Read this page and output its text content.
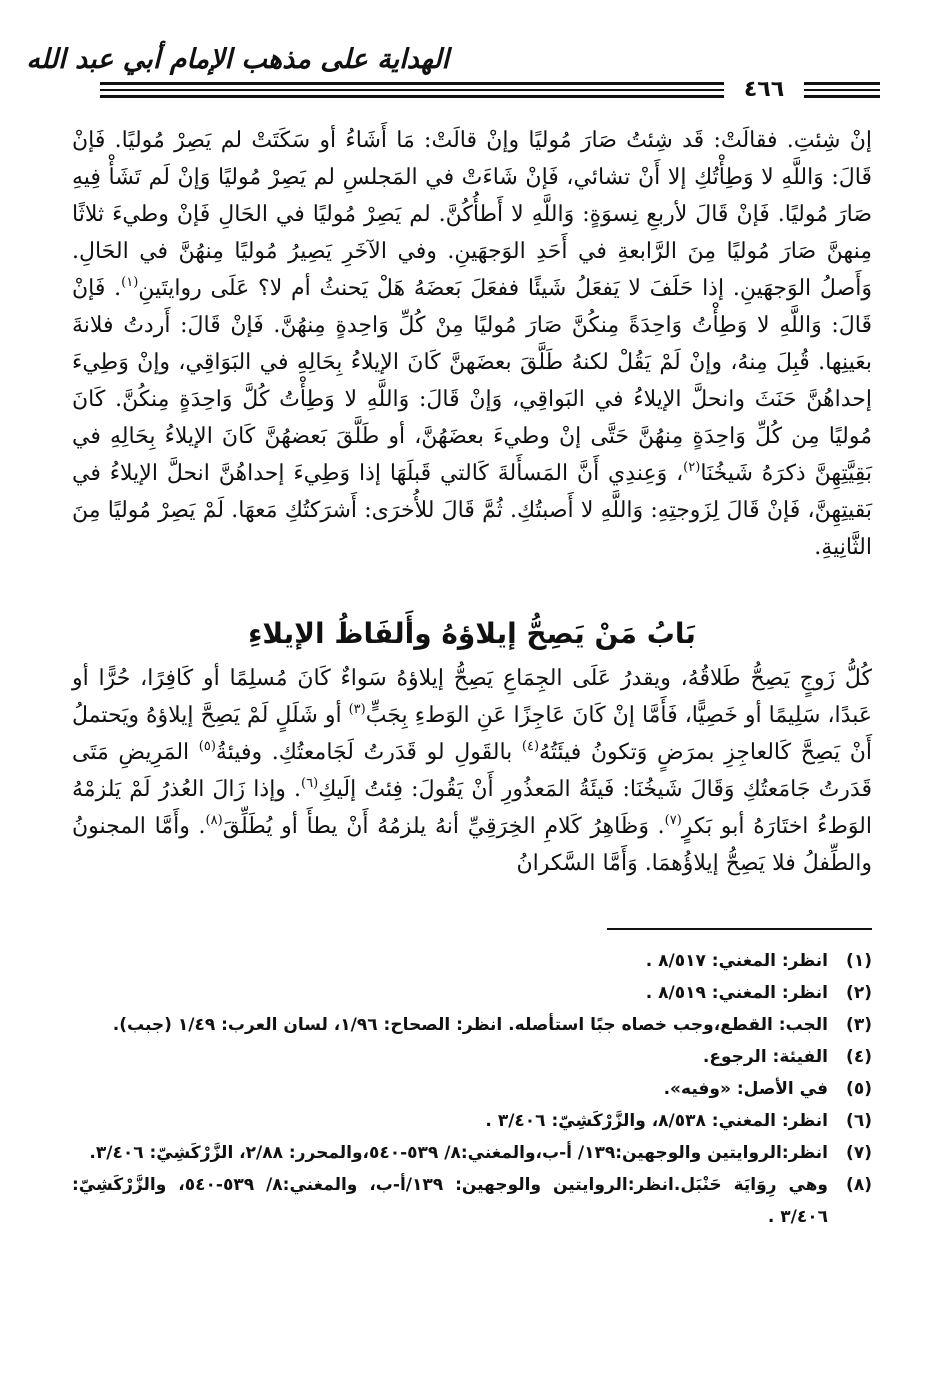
الهداية على مذهب الإمام أبي عبد الله
٤٦٦

إنْ شِئتِ. فقالَتْ: قَد شِئتُ صَارَ مُوليًا وإنْ قالَتْ: مَا أَشَاءُ أو سَكَتَتْ لم يَصِرْ مُوليًا. فَإنْ قَالَ: وَاللَّهِ لا وَطِأْتُكِ إلا أَنْ تشائي، فَإنْ شَاءَتْ في المَجلسِ لم يَصِرْ مُوليًا وَإنْ لَم تَشَأْ فِيهِ صَارَ مُوليًا. فَإنْ قَالَ لأربعِ نِسوَةٍ: وَاللَّهِ لا أَطأُكُنَّ. لم يَصِرْ مُوليًا في الحَالِ فَإنْ وطيءَ ثلاثًا مِنهنَّ صَارَ مُوليًا مِنَ الرَّابعةِ في أَحَدِ الوَجهَينِ. وفي الآخَرِ يَصِيرُ مُوليًا مِنهُنَّ في الحَالِ. وَأَصلُ الوَجهَينِ. إذا حَلَفَ لا يَفعَلُ شَيئًا ففعَلَ بَعضَهُ هَلْ يَحنثُ أم لا؟ عَلَى روايتَينِ$^{(١)}$. فَإنْ قَالَ: وَاللَّهِ لا وَطِأْتُ وَاحِدَةً مِنكُنَّ صَارَ مُوليًا مِنْ كُلِّ وَاحِدةٍ مِنهُنَّ. فَإنْ قَالَ: أَردتُ فلانةَ بعَينِها. قُبِلَ مِنهُ، وإنْ لَمْ يَقُلْ لكنهُ طَلَّقَ بعضَهنَّ كَانَ الإيلاءُ بِحَالِهِ في البَوَاقِي، وإنْ وَطِيءَ إحداهُنَّ حَنَثَ وانحلَّ الإيلاءُ في البَواقِي، وَإنْ قَالَ: وَاللَّهِ لا وَطِأْتُ كُلَّ وَاحِدَةٍ مِنكُنَّ. كَانَ مُوليًا مِن كُلِّ وَاحِدَةٍ مِنهُنَّ حَتَّى إنْ وطيءَ بعضَهُنَّ، أو طَلَّقَ بَعضهُنَّ كَانَ الإيلاءُ بِحَالِهِ في بَقِيَّتِهِنَّ ذكرَهُ شَيخُنَا$^{(٢)}$، وَعِندِي أَنَّ المَسأَلةَ كَالتي قَبلَهَا إذا وَطِيءَ إحداهُنَّ انحلَّ الإيلاءُ في بَقيتِهِنَّ، فَإنْ قَالَ لِزَوجتِهِ: وَاللَّهِ لا أَصبتُكِ. ثُمَّ قَالَ للأُخرَى: أَشرَكتُكِ مَعهَا. لَمْ يَصِرْ مُوليًا مِنَ الثَّانِيةِ.

بَابُ مَنْ يَصِحُّ إيلاؤهُ وأَلفَاظُ الإيلاءِ

كُلُّ زَوجٍ يَصِحُّ طَلاقُهُ، ويقدرُ عَلَى الجِمَاعِ يَصِحُّ إيلاؤهُ سَواءٌ كَانَ مُسلِمًا أو كَافِرًا، حُرًّا أو عَبدًا، سَلِيمًا أو خَصِيًّا، فَأَمَّا إنْ كَانَ عَاجِزًا عَنِ الوَطءِ بِجَبٍّ$^{(٣)}$ أو شَلَلٍ لَمْ يَصِحَّ إيلاؤهُ ويَحتملُ أَنْ يَصِحَّ كَالعاجِزِ بمرَضٍ وَتكونُ فيئَتُهُ$^{(٤)}$ بالقَولِ لو قَدَرتُ لَجَامعتُكِ. وفيئةُ$^{(٥)}$ المَرِيضِ مَتَى قَدَرتُ جَامَعتُكِ وَقَالَ شَيخُنَا: فَيئَةُ المَعذُورِ أَنْ يَقُولَ: فِئتُ إلَيكِ$^{(٦)}$. وإذا زَالَ العُذرُ لَمْ يَلزمْهُ الوَطءُ اختَارَهُ أبو بَكرٍ$^{(٧)}$. وَظَاهِرُ كَلامِ الخِرَقِيِّ أنهُ يلزمُهُ أَنْ يطأَ أو يُطَلِّقَ$^{(٨)}$. وأَمَّا المجنونُ والطِّفلُ فلا يَصِحُّ إيلاؤُهمَا. وَأَمَّا السَّكرانُ

(١)
انظر: المغني: ٨/٥١٧ .
(٢)
انظر: المغني: ٨/٥١٩ .
(٣)
الجب: القطع،وجب خصاه جبًا استأصله. انظر: الصحاح: ١/٩٦، لسان العرب: ١/٤٩ (جبب).
(٤)
الفيئة: الرجوع.
(٥)
في الأصل: «وفيه».
(٦)
انظر: المغني: ٨/٥٣٨، والزَّرْكَشِيّ: ٣/٤٠٦ .
(٧)
انظر:الروايتين والوجهين:١٣٩/ أ-ب،والمغني:٨/ ٥٣٩-٥٤٠،والمحرر: ٢/٨٨، الزَّرْكَشِيّ: ٣/٤٠٦.
(٨)
وهي رِوَايَة حَنْبَل.انظر:الروايتين والوجهين: ١٣٩/أ-ب، والمغني:٨/ ٥٣٩-٥٤٠، والزَّرْكَشِيّ: ٣/٤٠٦ .
